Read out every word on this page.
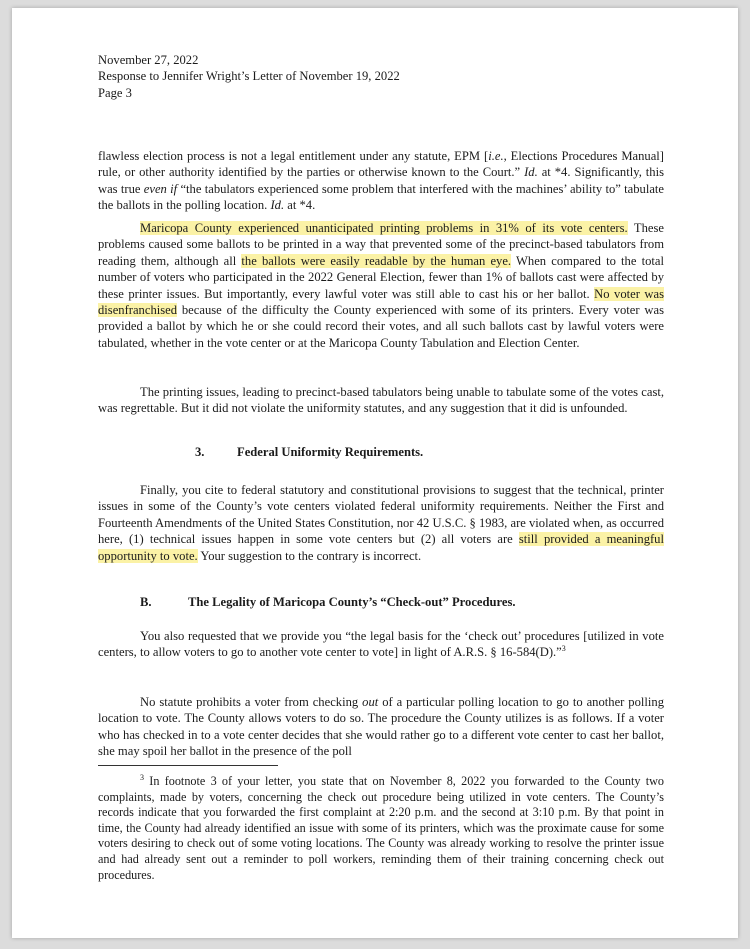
November 27, 2022
Response to Jennifer Wright’s Letter of November 19, 2022
Page 3

flawless election process is not a legal entitlement under any statute, EPM [i.e., Elections Procedures Manual] rule, or other authority identified by the parties or otherwise known to the Court.” Id. at *4. Significantly, this was true even if “the tabulators experienced some problem that interfered with the machines’ ability to” tabulate the ballots in the polling location. Id. at *4.

Maricopa County experienced unanticipated printing problems in 31% of its vote centers. These problems caused some ballots to be printed in a way that prevented some of the precinct-based tabulators from reading them, although all the ballots were easily readable by the human eye. When compared to the total number of voters who participated in the 2022 General Election, fewer than 1% of ballots cast were affected by these printer issues. But importantly, every lawful voter was still able to cast his or her ballot. No voter was disenfranchised because of the difficulty the County experienced with some of its printers. Every voter was provided a ballot by which he or she could record their votes, and all such ballots cast by lawful voters were tabulated, whether in the vote center or at the Maricopa County Tabulation and Election Center.

The printing issues, leading to precinct-based tabulators being unable to tabulate some of the votes cast, was regrettable. But it did not violate the uniformity statutes, and any suggestion that it did is unfounded.

3.	Federal Uniformity Requirements.

Finally, you cite to federal statutory and constitutional provisions to suggest that the technical, printer issues in some of the County’s vote centers violated federal uniformity requirements. Neither the First and Fourteenth Amendments of the United States Constitution, nor 42 U.S.C. § 1983, are violated when, as occurred here, (1) technical issues happen in some vote centers but (2) all voters are still provided a meaningful opportunity to vote. Your suggestion to the contrary is incorrect.

B.	The Legality of Maricopa County’s “Check-out” Procedures.

You also requested that we provide you “the legal basis for the ‘check out’ procedures [utilized in vote centers, to allow voters to go to another vote center to vote] in light of A.R.S. § 16-584(D).”$^3$

No statute prohibits a voter from checking out of a particular polling location to go to another polling location to vote. The County allows voters to do so. The procedure the County utilizes is as follows. If a voter who has checked in to a vote center decides that she would rather go to a different vote center to cast her ballot, she may spoil her ballot in the presence of the poll

$^3$ In footnote 3 of your letter, you state that on November 8, 2022 you forwarded to the County two complaints, made by voters, concerning the check out procedure being utilized in vote centers. The County’s records indicate that you forwarded the first complaint at 2:20 p.m. and the second at 3:10 p.m. By that point in time, the County had already identified an issue with some of its printers, which was the proximate cause for some voters desiring to check out of some voting locations. The County was already working to resolve the printer issue and had already sent out a reminder to poll workers, reminding them of their training concerning check out procedures.
